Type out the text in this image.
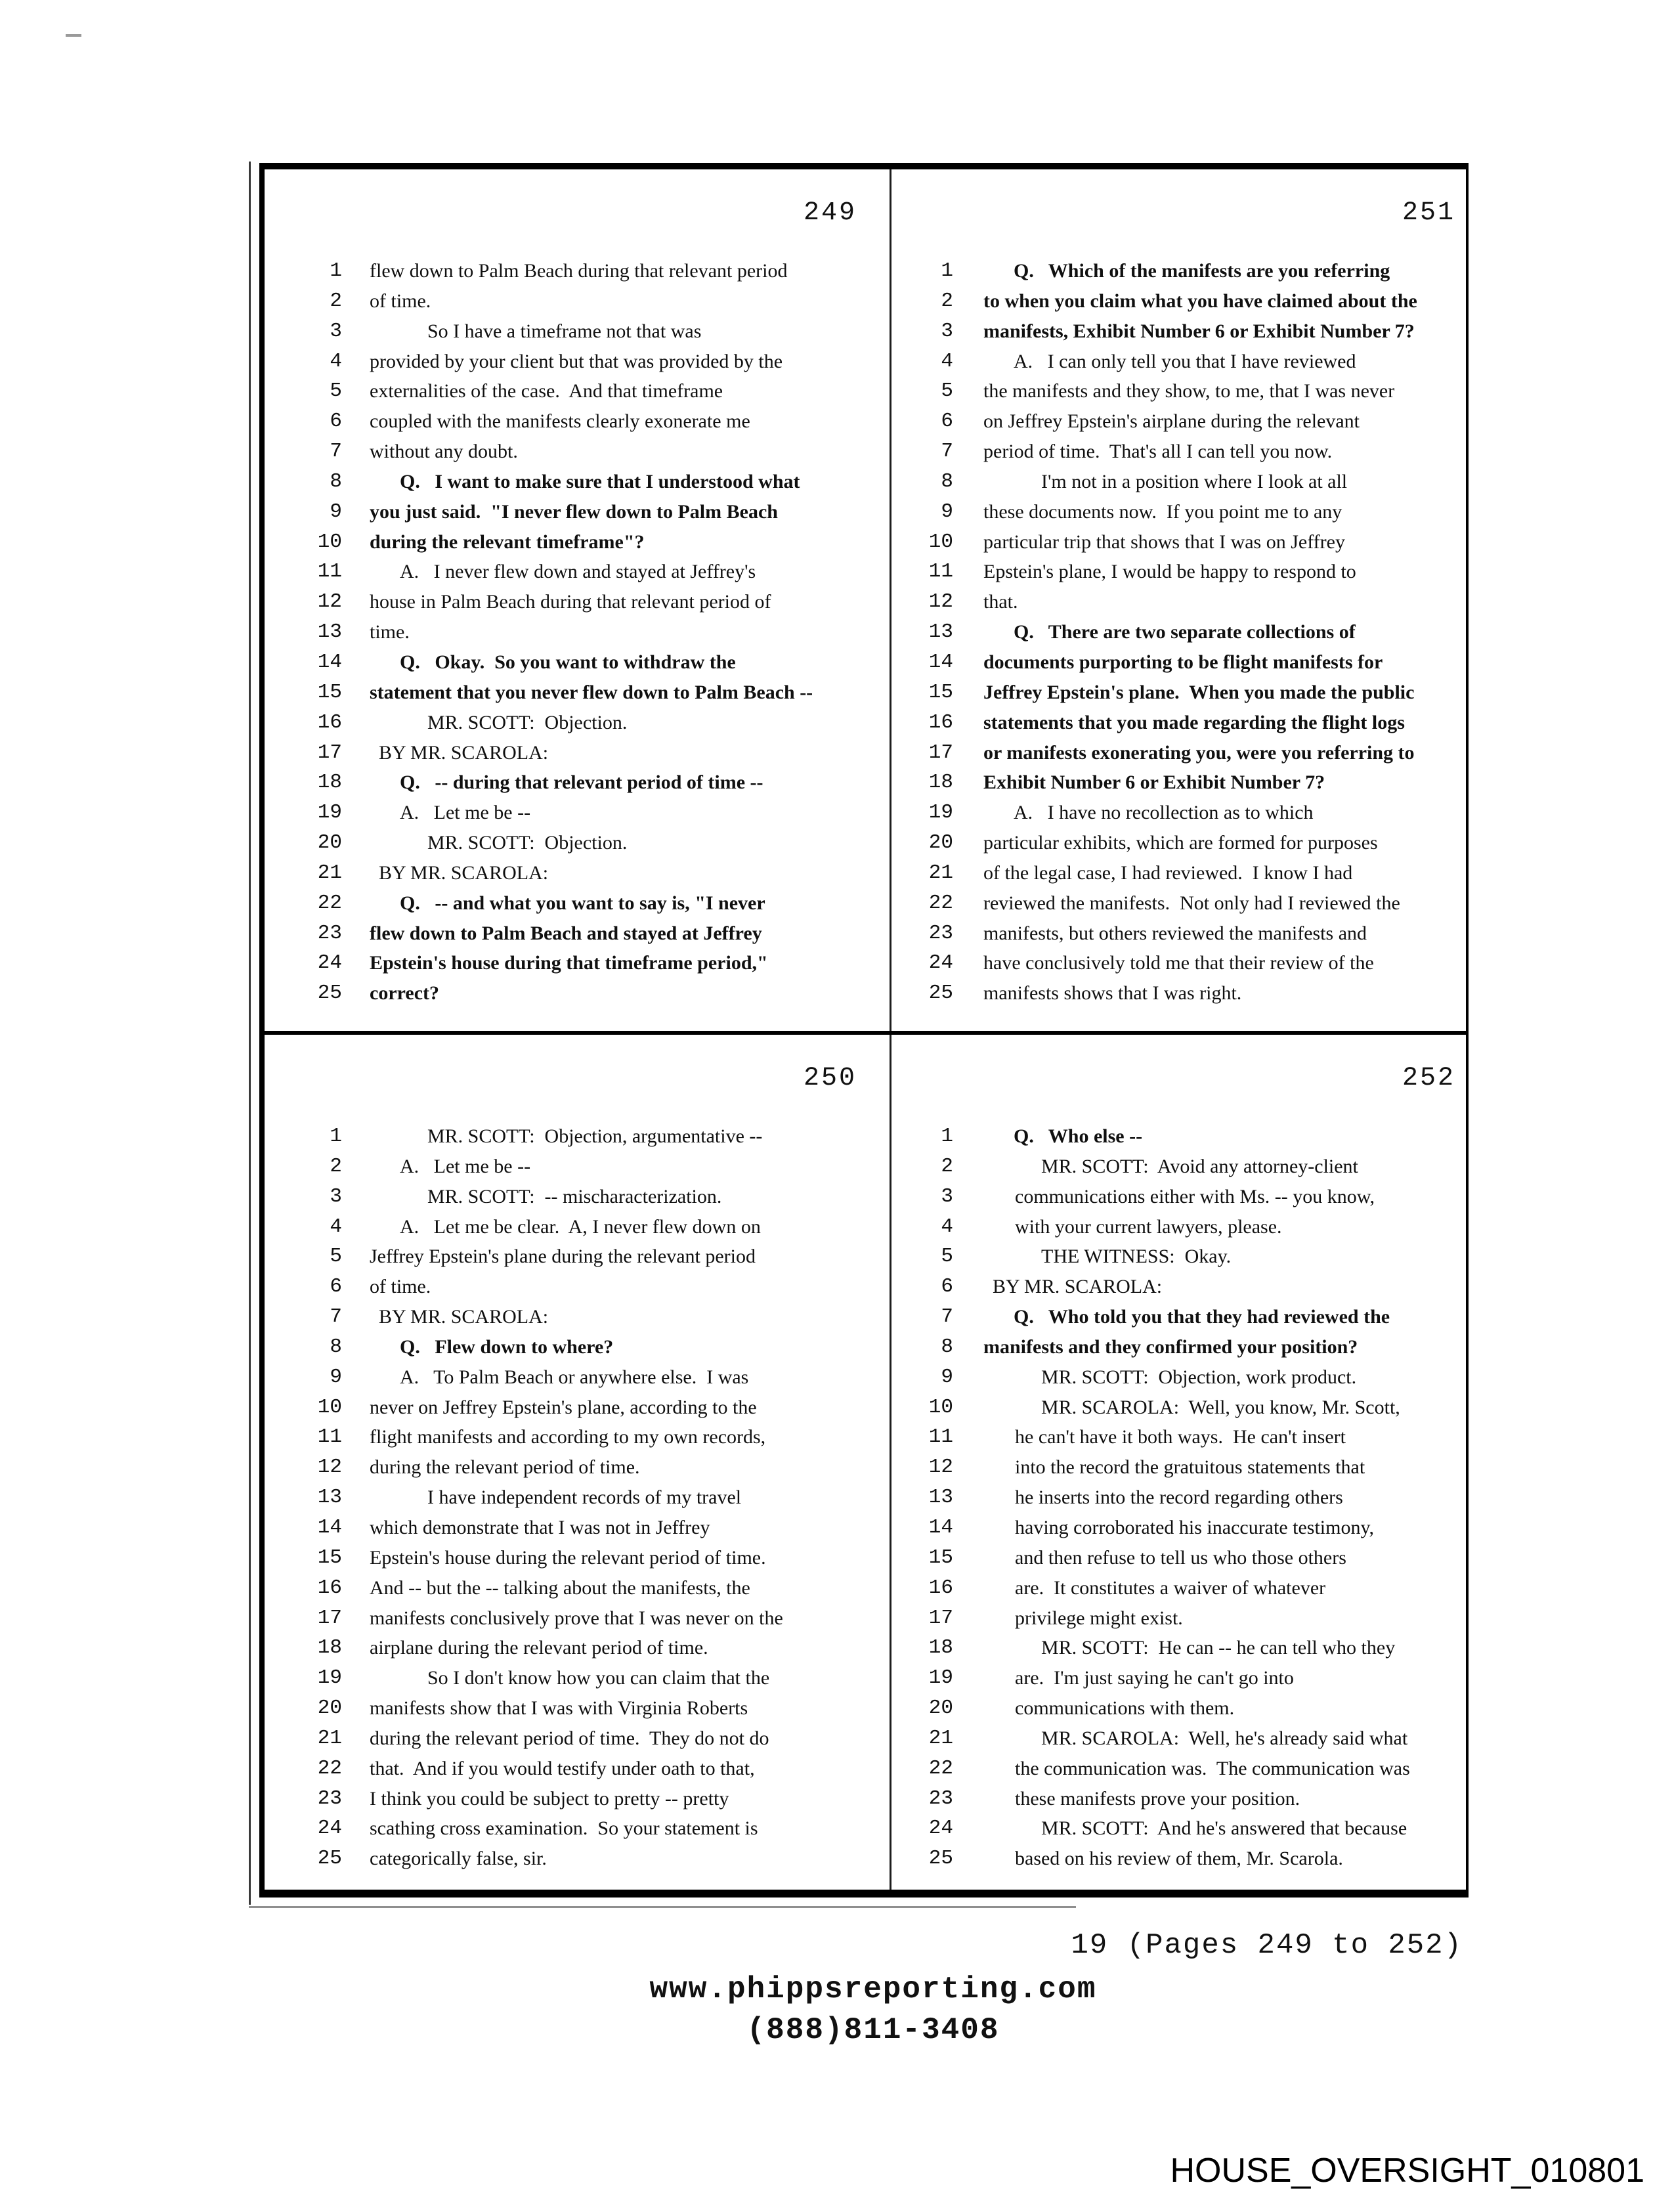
249
1 flew down to Palm Beach during that relevant period
2 of time.
3	So I have a timeframe not that was
4 provided by your client but that was provided by the
5 externalities of the case.  And that timeframe
6 coupled with the manifests clearly exonerate me
7 without any doubt.
8	Q.   I want to make sure that I understood what
9 you just said.  "I never flew down to Palm Beach
10 during the relevant timeframe"?
11	A.   I never flew down and stayed at Jeffrey's
12 house in Palm Beach during that relevant period of
13 time.
14	Q.   Okay.  So you want to withdraw the
15 statement that you never flew down to Palm Beach --
16	MR. SCOTT:  Objection.
17	BY MR. SCAROLA:
18	Q.   -- during that relevant period of time --
19	A.   Let me be --
20	MR. SCOTT:  Objection.
21	BY MR. SCAROLA:
22	Q.   -- and what you want to say is, "I never
23 flew down to Palm Beach and stayed at Jeffrey
24 Epstein's house during that timeframe period,"
25 correct?
251
1	Q.   Which of the manifests are you referring
2 to when you claim what you have claimed about the
3 manifests, Exhibit Number 6 or Exhibit Number 7?
4	A.   I can only tell you that I have reviewed
5 the manifests and they show, to me, that I was never
6 on Jeffrey Epstein's airplane during the relevant
7 period of time.  That's all I can tell you now.
8	I'm not in a position where I look at all
9 these documents now.  If you point me to any
10 particular trip that shows that I was on Jeffrey
11 Epstein's plane, I would be happy to respond to
12 that.
13	Q.   There are two separate collections of
14 documents purporting to be flight manifests for
15 Jeffrey Epstein's plane.  When you made the public
16 statements that you made regarding the flight logs
17 or manifests exonerating you, were you referring to
18 Exhibit Number 6 or Exhibit Number 7?
19	A.   I have no recollection as to which
20 particular exhibits, which are formed for purposes
21 of the legal case, I had reviewed.  I know I had
22 reviewed the manifests.  Not only had I reviewed the
23 manifests, but others reviewed the manifests and
24 have conclusively told me that their review of the
25 manifests shows that I was right.
250
1	MR. SCOTT:  Objection, argumentative --
2	A.   Let me be --
3	MR. SCOTT:  -- mischaracterization.
4	A.   Let me be clear.  A, I never flew down on
5 Jeffrey Epstein's plane during the relevant period
6 of time.
7	BY MR. SCAROLA:
8	Q.   Flew down to where?
9	A.   To Palm Beach or anywhere else.  I was
10 never on Jeffrey Epstein's plane, according to the
11 flight manifests and according to my own records,
12 during the relevant period of time.
13	I have independent records of my travel
14 which demonstrate that I was not in Jeffrey
15 Epstein's house during the relevant period of time.
16 And -- but the -- talking about the manifests, the
17 manifests conclusively prove that I was never on the
18 airplane during the relevant period of time.
19	So I don't know how you can claim that the
20 manifests show that I was with Virginia Roberts
21 during the relevant period of time.  They do not do
22 that.  And if you would testify under oath to that,
23 I think you could be subject to pretty -- pretty
24 scathing cross examination.  So your statement is
25 categorically false, sir.
252
1	Q.   Who else --
2	MR. SCOTT:  Avoid any attorney-client
3	communications either with Ms. -- you know,
4	with your current lawyers, please.
5	THE WITNESS:  Okay.
6	BY MR. SCAROLA:
7	Q.   Who told you that they had reviewed the
8 manifests and they confirmed your position?
9	MR. SCOTT:  Objection, work product.
10	MR. SCAROLA:  Well, you know, Mr. Scott,
11	he can't have it both ways.  He can't insert
12	into the record the gratuitous statements that
13	he inserts into the record regarding others
14	having corroborated his inaccurate testimony,
15	and then refuse to tell us who those others
16	are.  It constitutes a waiver of whatever
17	privilege might exist.
18	MR. SCOTT:  He can -- he can tell who they
19	are.  I'm just saying he can't go into
20	communications with them.
21	MR. SCAROLA:  Well, he's already said what
22	the communication was.  The communication was
23	these manifests prove your position.
24	MR. SCOTT:  And he's answered that because
25	based on his review of them, Mr. Scarola.
19 (Pages 249 to 252)
www.phippsreporting.com
(888)811-3408
HOUSE_OVERSIGHT_010801
